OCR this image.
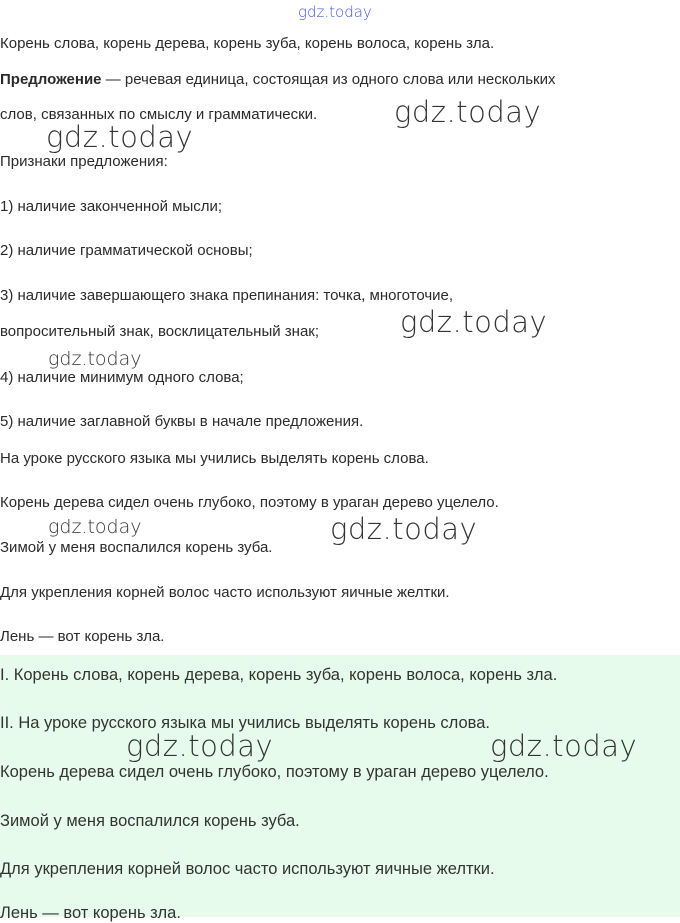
gdz.today
Корень слова, корень дерева, корень зуба, корень волоса, корень зла.
Предложение — речевая единица, состоящая из одного слова или нескольких
слов, связанных по смыслу и грамматически.
Признаки предложения:
1) наличие законченной мысли;
2) наличие грамматической основы;
3) наличие завершающего знака препинания: точка, многоточие,
вопросительный знак, восклицательный знак;
4) наличие минимум одного слова;
5) наличие заглавной буквы в начале предложения.
На уроке русского языка мы учились выделять корень слова.
Корень дерева сидел очень глубоко, поэтому в ураган дерево уцелело.
Зимой у меня воспалился корень зуба.
Для укрепления корней волос часто используют яичные желтки.
Лень — вот корень зла.
I. Корень слова, корень дерева, корень зуба, корень волоса, корень зла.
II. На уроке русского языка мы учились выделять корень слова.
Корень дерева сидел очень глубоко, поэтому в ураган дерево уцелело.
Зимой у меня воспалился корень зуба.
Для укрепления корней волос часто используют яичные желтки.
Лень — вот корень зла.
gdz.today
gdz.today
gdz.today
gdz.today
gdz.today	gdz.today
gdz.today	gdz.today
